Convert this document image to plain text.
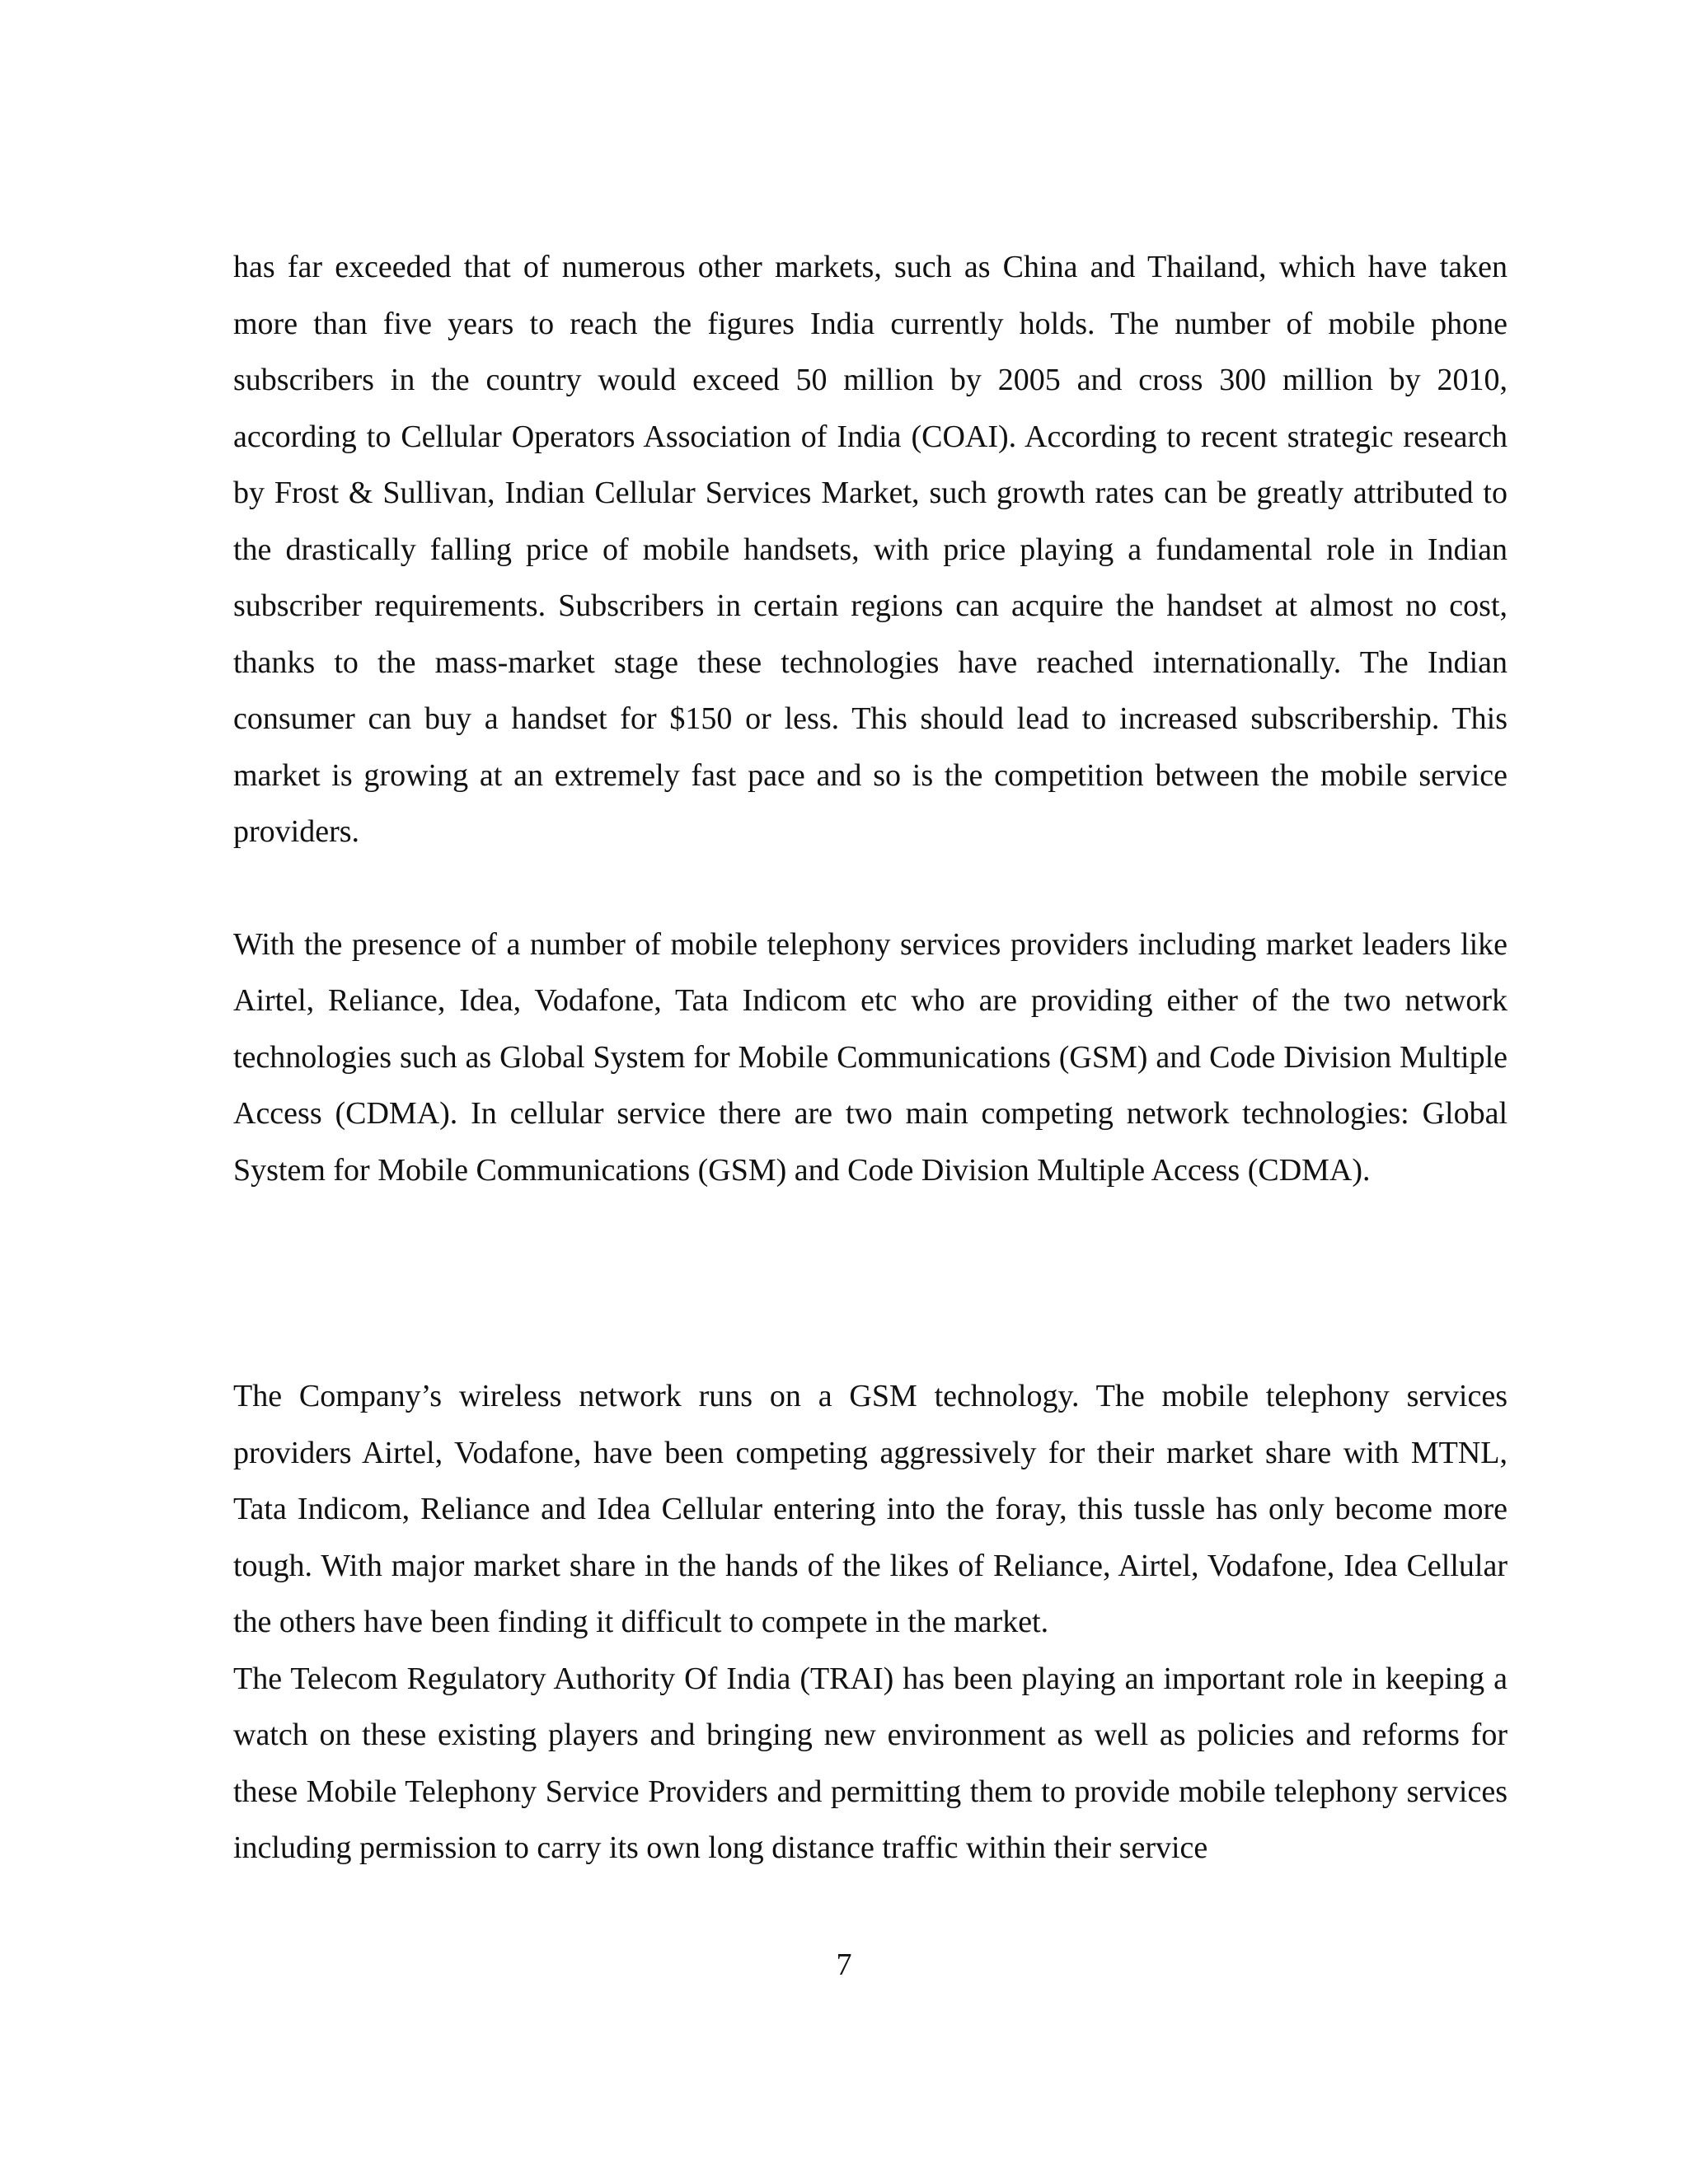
has far exceeded that of numerous other markets, such as China and Thailand, which have taken more than five years to reach the figures India currently holds. The number of mobile phone subscribers in the country would exceed 50 million by 2005 and cross 300 million by 2010, according to Cellular Operators Association of India (COAI). According to recent strategic research by Frost & Sullivan, Indian Cellular Services Market, such growth rates can be greatly attributed to the drastically falling price of mobile handsets, with price playing a fundamental role in Indian subscriber requirements. Subscribers in certain regions can acquire the handset at almost no cost, thanks to the mass-market stage these technologies have reached internationally. The Indian consumer can buy a handset for $150 or less. This should lead to increased subscribership. This market is growing at an extremely fast pace and so is the competition between the mobile service providers.

With the presence of a number of mobile telephony services providers including market leaders like Airtel, Reliance, Idea, Vodafone, Tata Indicom etc who are providing either of the two network technologies such as Global System for Mobile Communications (GSM) and Code Division Multiple Access (CDMA). In cellular service there are two main competing network technologies: Global System for Mobile Communications (GSM) and Code Division Multiple Access (CDMA).

The Company’s wireless network runs on a GSM technology. The mobile telephony services providers Airtel, Vodafone, have been competing aggressively for their market share with MTNL, Tata Indicom, Reliance and Idea Cellular entering into the foray, this tussle has only become more tough. With major market share in the hands of the likes of Reliance, Airtel, Vodafone, Idea Cellular the others have been finding it difficult to compete in the market.

The Telecom Regulatory Authority Of India (TRAI) has been playing an important role in keeping a watch on these existing players and bringing new environment as well as policies and reforms for these Mobile Telephony Service Providers and permitting them to provide mobile telephony services including permission to carry its own long distance traffic within their service

7
